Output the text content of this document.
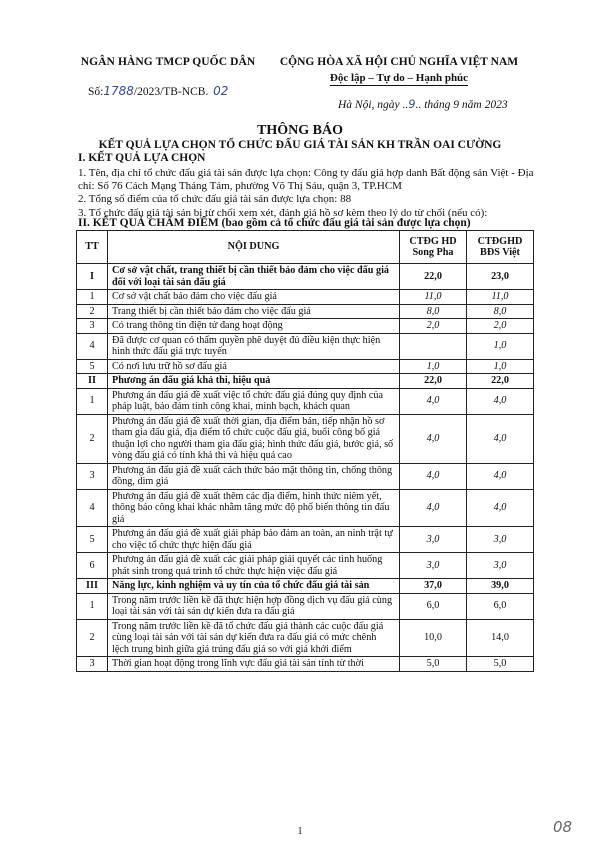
NGÂN HÀNG TMCP QUỐC DÂN
Số:1788/2023/TB-NCB. 02
CỘNG HÒA XÃ HỘI CHỦ NGHĨA VIỆT NAM
Độc lập – Tự do – Hạnh phúc
Hà Nội, ngày ..9.. tháng 9 năm 2023
THÔNG BÁO
KẾT QUẢ LỰA CHỌN TỔ CHỨC ĐẤU GIÁ TÀI SẢN KH TRẦN OAI CƯỜNG
I. KẾT QUẢ LỰA CHỌN
1. Tên, địa chỉ tổ chức đấu giá tài sản được lựa chọn: Công ty đấu giá hợp danh Bất động sản Việt - Địa chỉ: Số 76 Cách Mạng Tháng Tám, phường Võ Thị Sáu, quận 3, TP.HCM
2. Tổng số điểm của tổ chức đấu giá tài sản được lựa chọn: 88
3. Tổ chức đấu giá tài sản bị từ chối xem xét, đánh giá hồ sơ kèm theo lý do từ chối (nếu có):
II. KẾT QUẢ CHẤM ĐIỂM (bao gồm cả tổ chức đấu giá tài sản được lựa chọn)
TT	NỘI DUNG	CTĐG HD Song Pha	CTĐGHD BĐS Việt
I	Cơ sở vật chất, trang thiết bị cần thiết bảo đảm cho việc đấu giá đối với loại tài sản đấu giá	22,0	23,0
1	Cơ sở vật chất bảo đảm cho việc đấu giá	11,0	11,0
2	Trang thiết bị cần thiết bảo đảm cho việc đấu giá	8,0	8,0
3	Có trang thông tin điện tử đang hoạt động	2,0	2,0
4	Đã được cơ quan có thẩm quyền phê duyệt đủ điều kiện thực hiện hình thức đấu giá trực tuyến		1,0
5	Có nơi lưu trữ hồ sơ đấu giá	1,0	1,0
II	Phương án đấu giá khả thi, hiệu quả	22,0	22,0
1	Phương án đấu giá đề xuất việc tổ chức đấu giá đúng quy định của pháp luật, bảo đảm tính công khai, minh bạch, khách quan	4,0	4,0
2	Phương án đấu giá đề xuất thời gian, địa điểm bán, tiếp nhận hồ sơ tham gia đấu giá, địa điểm tổ chức cuộc đấu giá, buổi công bố giá thuận lợi cho người tham gia đấu giá; hình thức đấu giá, bước giá, số vòng đấu giá có tính khả thi và hiệu quả cao	4,0	4,0
3	Phương án đấu giá đề xuất cách thức bảo mật thông tin, chống thông đồng, dìm giá	4,0	4,0
4	Phương án đấu giá đề xuất thêm các địa điểm, hình thức niêm yết, thông báo công khai khác nhằm tăng mức độ phổ biến thông tin đấu giá	4,0	4,0
5	Phương án đấu giá đề xuất giải pháp bảo đảm an toàn, an ninh trật tự cho việc tổ chức thực hiện đấu giá	3,0	3,0
6	Phương án đấu giá đề xuất các giải pháp giải quyết các tình huống phát sinh trong quá trình tổ chức thực hiện việc đấu giá	3,0	3,0
III	Năng lực, kinh nghiệm và uy tín của tổ chức đấu giá tài sản	37,0	39,0
1	Trong năm trước liền kề đã thực hiện hợp đồng dịch vụ đấu giá cùng loại tài sản với tài sản dự kiến đưa ra đấu giá	6,0	6,0
2	Trong năm trước liền kề đã tổ chức đấu giá thành các cuộc đấu giá cùng loại tài sản với tài sản dự kiến đưa ra đấu giá có mức chênh lệch trung bình giữa giá trúng đấu giá so với giá khởi điểm	10,0	14,0
3	Thời gian hoạt động trong lĩnh vực đấu giá tài sản tính từ thời	5,0	5,0
1	08
